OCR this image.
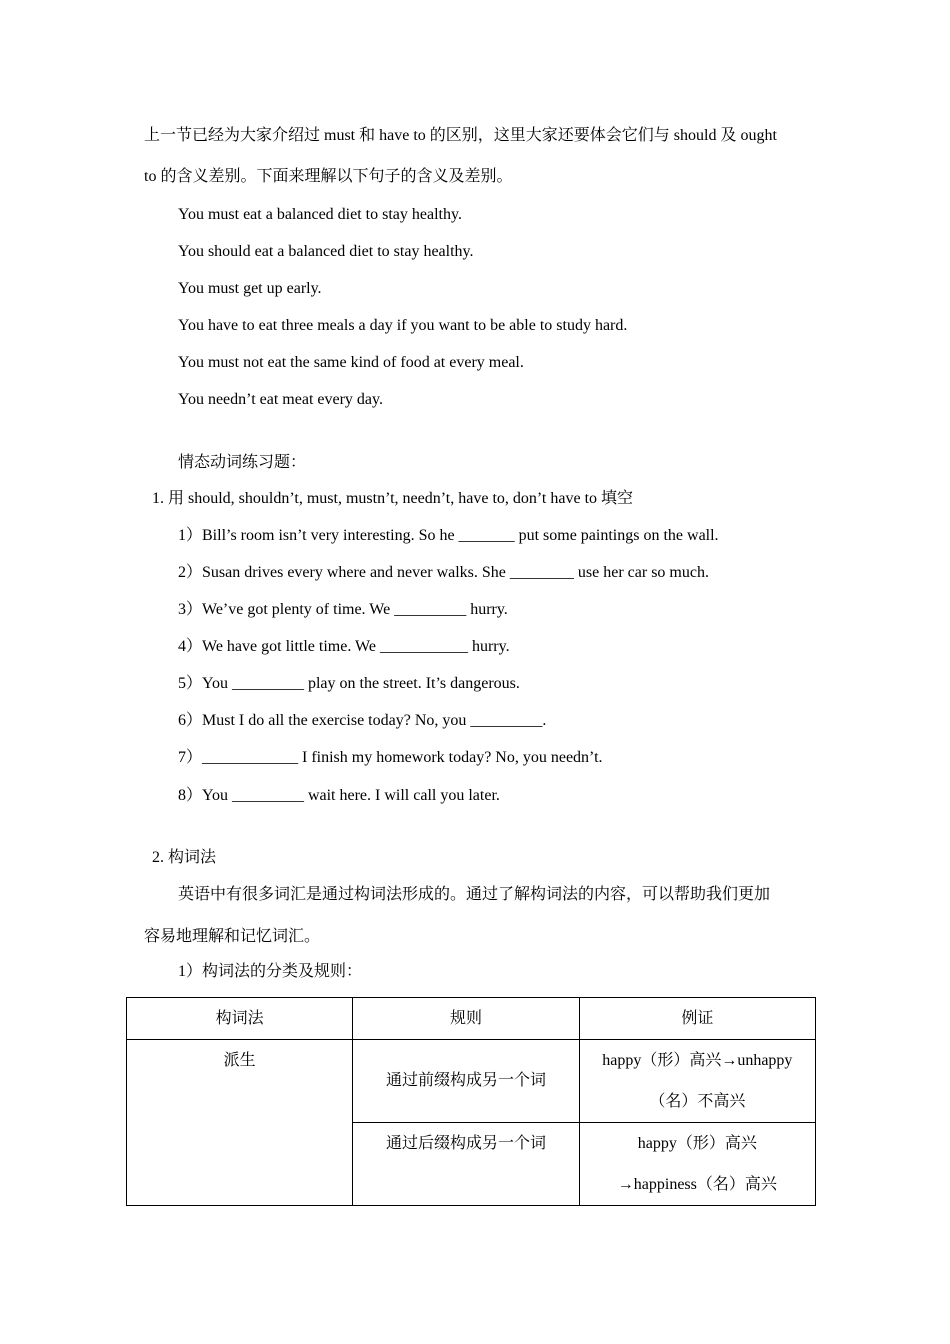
上一节已经为大家介绍过 must 和 have to 的区别，这里大家还要体会它们与 should 及 ought
to 的含义差别。下面来理解以下句子的含义及差别。
You must eat a balanced diet to stay healthy.
You should eat a balanced diet to stay healthy.
You must get up early.
You have to eat three meals a day if you want to be able to study hard.
You must not eat the same kind of food at every meal.
You needn’t eat meat every day.
情态动词练习题：
1. 用 should, shouldn’t, must, mustn’t, needn’t, have to, don’t have to 填空
1）Bill’s room isn’t very interesting. So he _______ put some paintings on the wall.
2）Susan drives every where and never walks. She ________ use her car so much.
3）We’ve got plenty of time. We _________ hurry.
4）We have got little time. We ___________ hurry.
5）You _________ play on the street. It’s dangerous.
6）Must I do all the exercise today? No, you _________.
7）____________ I finish my homework today? No, you needn’t.
8）You _________ wait here. I will call you later.
2. 构词法
英语中有很多词汇是通过构词法形成的。通过了解构词法的内容，可以帮助我们更加
容易地理解和记忆词汇。
1）构词法的分类及规则：
构词法	规则	例证
派生	通过前缀构成另一个词	happy（形）高兴→unhappy
（名）不高兴

	通过后缀构成另一个词	happy（形）高兴
→happiness（名）高兴
